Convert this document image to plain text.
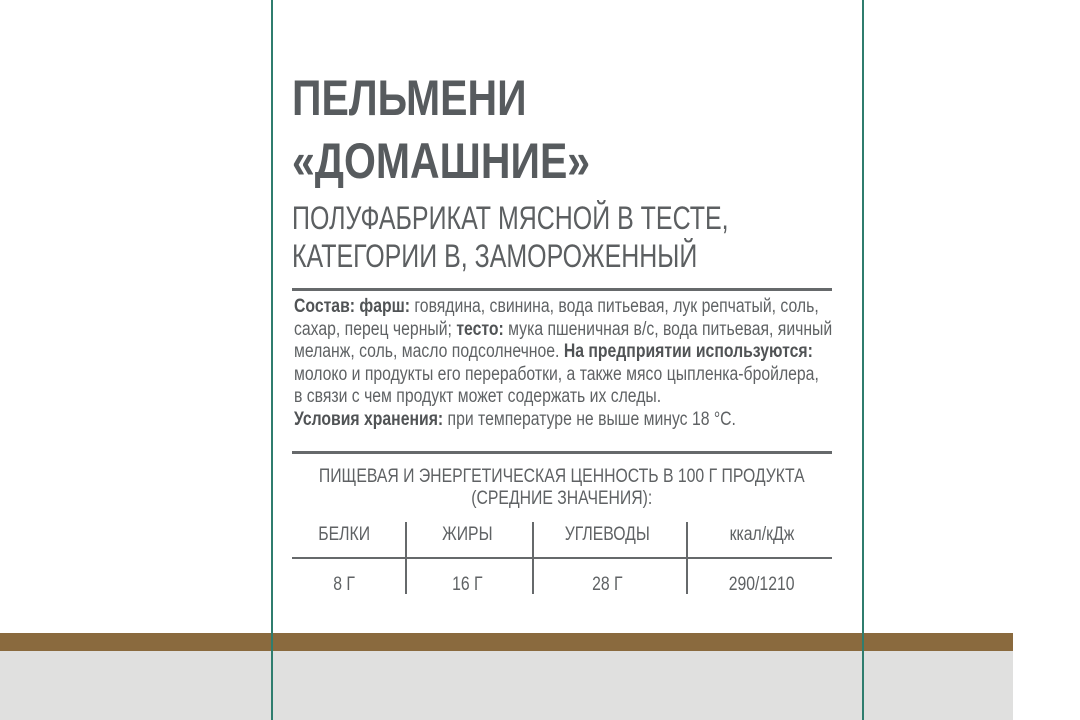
ПЕЛЬМЕНИ
«ДОМАШНИЕ»
ПОЛУФАБРИКАТ МЯСНОЙ В ТЕСТЕ,
КАТЕГОРИИ В, ЗАМОРОЖЕННЫЙ
Состав: фарш: говядина, свинина, вода питьевая, лук репчатый, соль,
сахар, перец черный; тесто: мука пшеничная в/с, вода питьевая, яичный
меланж, соль, масло подсолнечное. На предприятии используются:
молоко и продукты его переработки, а также мясо цыпленка-бройлера,
в связи с чем продукт может содержать их следы.
Условия хранения: при температуре не выше минус 18 °С.
ПИЩЕВАЯ И ЭНЕРГЕТИЧЕСКАЯ ЦЕННОСТЬ В 100 Г ПРОДУКТА
(СРЕДНИЕ ЗНАЧЕНИЯ):
БЕЛКИ	ЖИРЫ	УГЛЕВОДЫ	ккал/кДж
8 Г	16 Г	28 Г	290/1210
